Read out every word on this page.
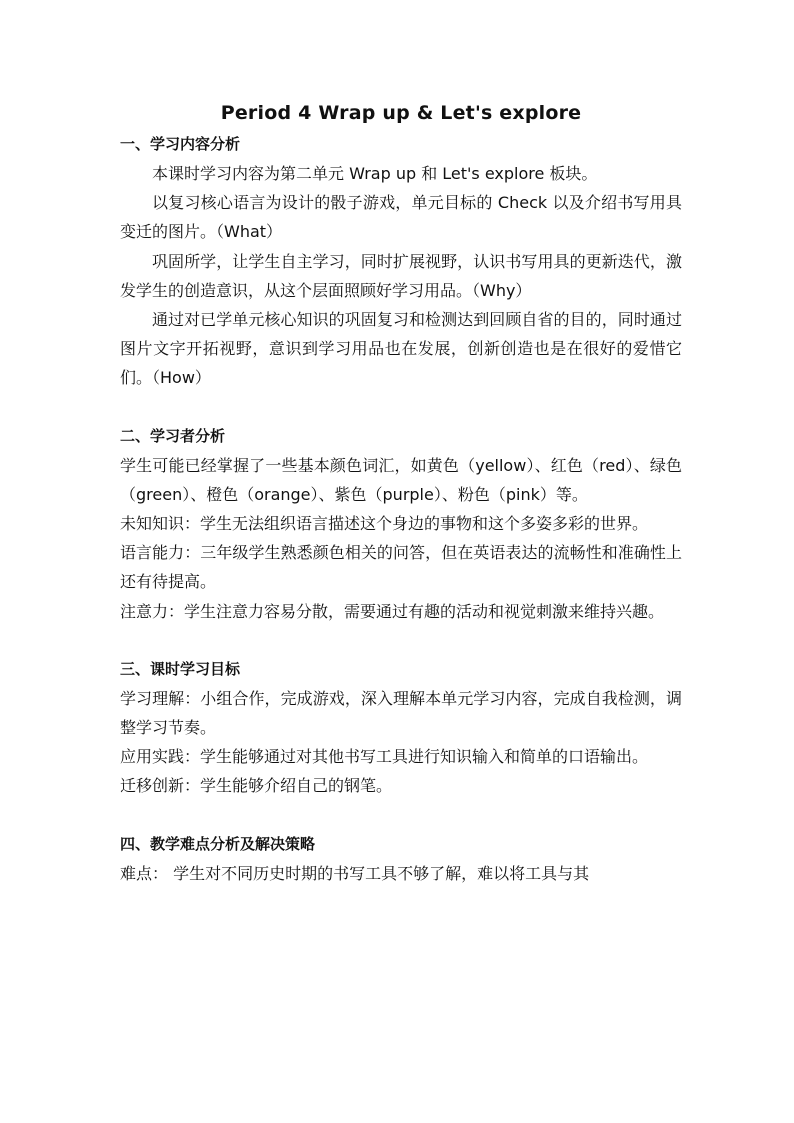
Period 4 Wrap up & Let's explore
一、学习内容分析

本课时学习内容为第二单元 Wrap up 和 Let's explore 板块。

以复习核心语言为设计的骰子游戏，单元目标的 Check 以及介绍书写用具变迁的图片。（What）

巩固所学，让学生自主学习，同时扩展视野，认识书写用具的更新迭代，激发学生的创造意识，从这个层面照顾好学习用品。（Why）

通过对已学单元核心知识的巩固复习和检测达到回顾自省的目的，同时通过图片文字开拓视野，意识到学习用品也在发展，创新创造也是在很好的爱惜它们。（How）

二、学习者分析

学生可能已经掌握了一些基本颜色词汇，如黄色（yellow）、红色（red）、绿色（green）、橙色（orange）、紫色（purple）、粉色（pink）等。

未知知识：学生无法组织语言描述这个身边的事物和这个多姿多彩的世界。

语言能力：三年级学生熟悉颜色相关的问答，但在英语表达的流畅性和准确性上还有待提高。

注意力：学生注意力容易分散，需要通过有趣的活动和视觉刺激来维持兴趣。

三、课时学习目标

学习理解：小组合作，完成游戏，深入理解本单元学习内容，完成自我检测，调整学习节奏。

应用实践：学生能够通过对其他书写工具进行知识输入和简单的口语输出。

迁移创新：学生能够介绍自己的钢笔。

四、教学难点分析及解决策略

难点： 学生对不同历史时期的书写工具不够了解，难以将工具与其
